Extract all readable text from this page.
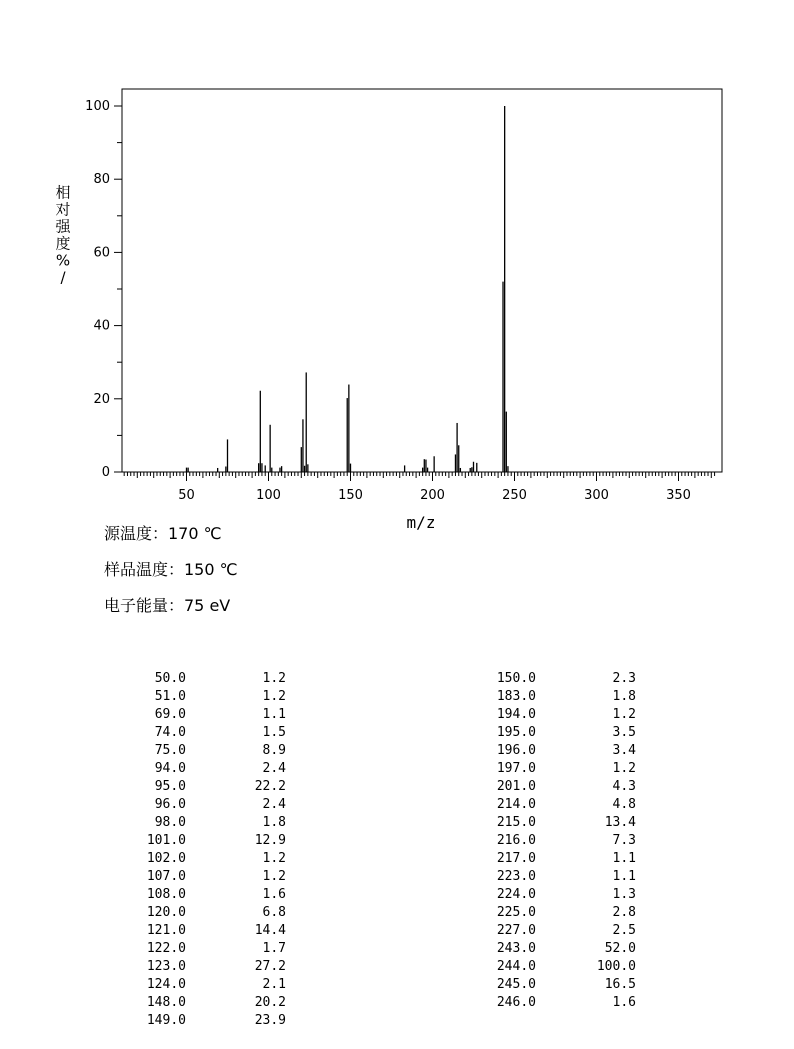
0
20
40
60
80
100
50	100	150	200	250	300	350
m/z
相对强度% /
源温度：170 ℃
样品温度：150 ℃
电子能量：75 eV
50.0	1.2
51.0	1.2
69.0	1.1
74.0	1.5
75.0	8.9
94.0	2.4
95.0	22.2
96.0	2.4
98.0	1.8
101.0	12.9
102.0	1.2
107.0	1.2
108.0	1.6
120.0	6.8
121.0	14.4
122.0	1.7
123.0	27.2
124.0	2.1
148.0	20.2
149.0	23.9
150.0	2.3
183.0	1.8
194.0	1.2
195.0	3.5
196.0	3.4
197.0	1.2
201.0	4.3
214.0	4.8
215.0	13.4
216.0	7.3
217.0	1.1
223.0	1.1
224.0	1.3
225.0	2.8
227.0	2.5
243.0	52.0
244.0	100.0
245.0	16.5
246.0	1.6
